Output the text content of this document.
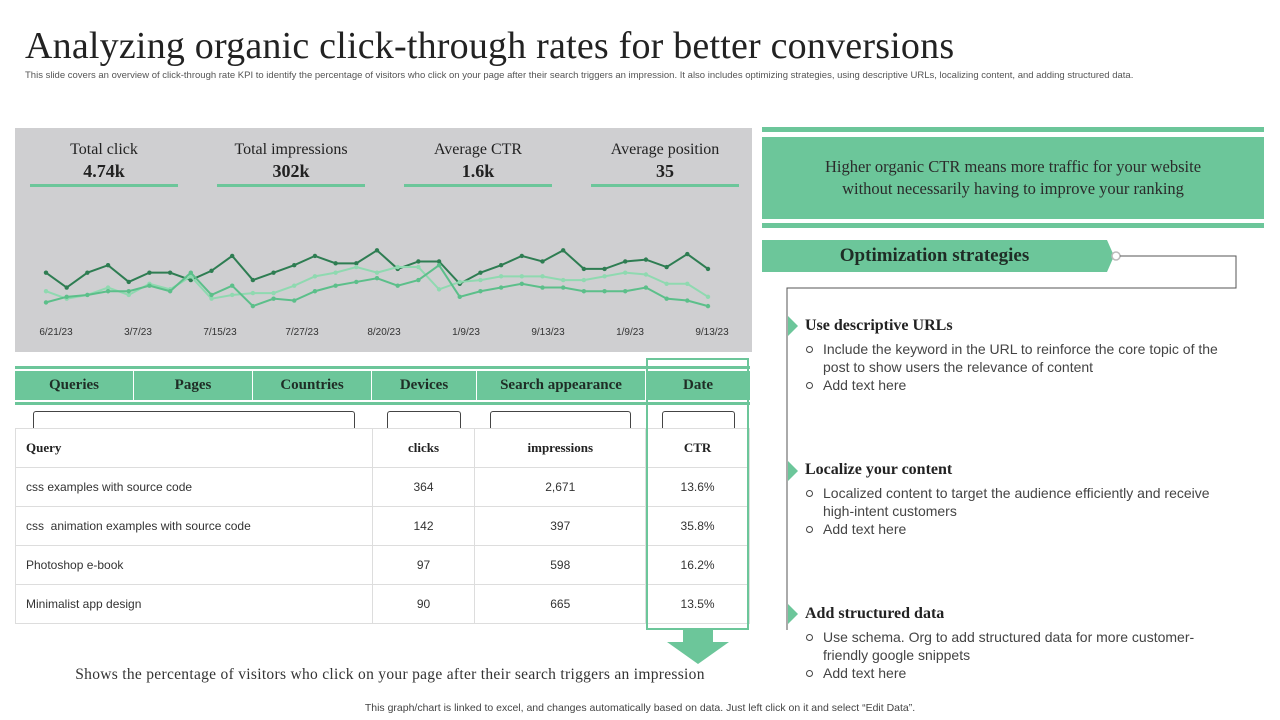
Analyzing organic click-through rates for better conversions

This slide covers an overview of click-through rate KPI to identify the percentage of visitors who click on your page after their search triggers an impression. It also includes optimizing strategies, using descriptive URLs, localizing content, and adding structured data.

Total click
4.74k
Total impressions
302k
Average CTR
1.6k
Average position
35
6/21/23	3/7/23	7/15/23	7/27/23	8/20/23	1/9/23	9/13/23	1/9/23	9/13/23
Queries	Pages	Countries	Devices	Search appearance	Date
Query	clicks	impressions	CTR
css examples with source code	364	2,671	13.6%
css  animation examples with source code	142	397	35.8%
Photoshop e-book	97	598	16.2%
Minimalist app design	90	665	13.5%
Shows the percentage of visitors who click on your page after their search triggers an impression
This graph/chart is linked to excel, and changes automatically based on data. Just left click on it and select “Edit Data”.
Higher organic CTR means more traffic for your website without necessarily having to improve your ranking
Optimization strategies
Use descriptive URLs
Include the keyword in the URL to reinforce the core topic of the post to show users the relevance of content
Add text here
Localize your content
Localized content to target the audience efficiently and receive high-intent customers
Add text here
Add structured data
Use schema. Org to add structured data for more customer-friendly google snippets
Add text here
